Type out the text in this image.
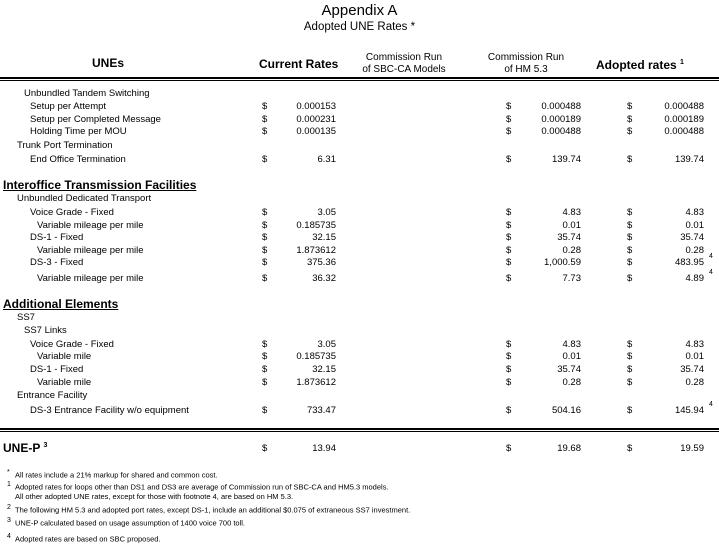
Appendix A
Adopted UNE Rates *
UNEs	Current Rates	Commission Run
of SBC-CA Models
Commission Run
of HM 5.3	Adopted rates $^1$
Unbundled Tandem Switching
Setup per Attempt	$	0.000153	$	0.000488	$	0.000488
Setup per Completed Message	$	0.000231	$	0.000189	$	0.000189
Holding Time per MOU	$	0.000135	$	0.000488	$	0.000488
Trunk Port Termination
End Office Termination	$	6.31	$	139.74	$	139.74
Unbundled Dedicated Transport
Voice Grade - Fixed	$	3.05	$	4.83	$	4.83
Variable mileage per mile	$	0.185735	$	0.01	$	0.01
DS-1 - Fixed	$	32.15	$	35.74	$	35.74
Variable mileage per mile	$	1.873612	$	0.28	$	0.28
DS-3 - Fixed	$	375.36	$	1,000.59	$	483.95
4
Variable mileage per mile	$	36.32	$	7.73	$	4.89
4
SS7
SS7 Links
Voice Grade - Fixed	$	3.05	$	4.83	$	4.83
Variable mile	$	0.185735	$	0.01	$	0.01
DS-1 - Fixed	$	32.15	$	35.74	$	35.74
Variable mile	$	1.873612	$	0.28	$	0.28
Entrance Facility
DS-3 Entrance Facility w/o equipment	$	733.47	$	504.16	$	145.94
4
Interoffice Transmission Facilities
Additional Elements
UNE-P $^3$	$	13.94	$	19.68	$	19.59
* All rates include a 21% markup for shared and common cost.
1 Adopted rates for loops other than DS1 and DS3 are average of Commission run of SBC-CA and HM5.3 models.
All other adopted UNE rates, except for those with footnote 4, are based on HM 5.3.
2 The following HM 5.3 and adopted port rates, except DS-1, include an additional $0.075 of extraneous SS7 investment.
3 UNE-P calculated based on usage assumption of 1400 voice 700 toll.
4 Adopted rates are based on SBC proposed.
